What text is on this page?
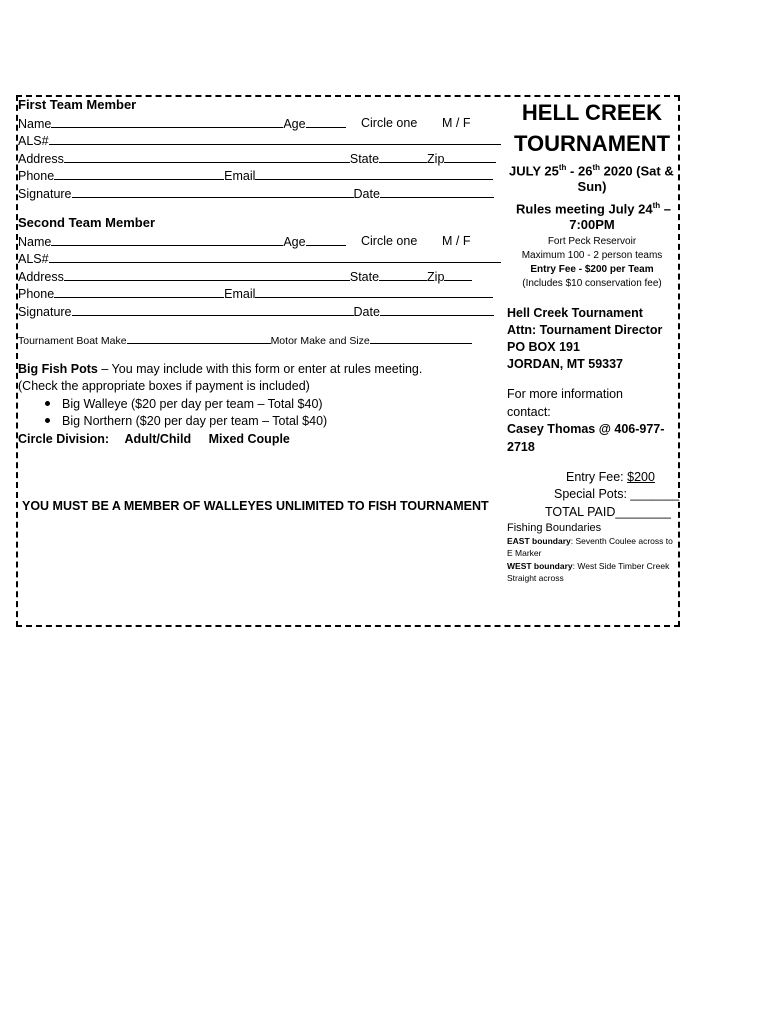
First Team Member
Name	Age	Circle one M / F
ALS#
Address	State	Zip
Phone	Email
Signature	Date
Second Team Member
Name	Age	Circle one M / F
ALS#
Address	State	Zip
Phone	Email
Signature	Date
Tournament Boat Make	Motor Make and Size
Big Fish Pots – You may include with this form or enter at rules meeting.
(Check the appropriate boxes if payment is included)
Big Walleye ($20 per day per team – Total $40)
Big Northern ($20 per day per team – Total $40)
Circle Division: Adult/Child Mixed Couple
YOU MUST BE A MEMBER OF WALLEYES UNLIMITED TO FISH TOURNAMENT
HELL CREEK
TOURNAMENT
JULY 25th - 26th 2020 (Sat &
Sun)
Rules meeting July 24th –
7:00PM
Fort Peck Reservoir
Maximum 100 - 2 person teams
Entry Fee - $200 per Team
(Includes $10 conservation fee)
Hell Creek Tournament
Attn: Tournament Director
PO BOX 191
JORDAN, MT 59337
For more information
contact:
Casey Thomas @ 406-977-
2718
Entry Fee: $200
Special Pots: _______
TOTAL PAID________
Fishing Boundaries
EAST boundary: Seventh Coulee across to
E Marker
WEST boundary: West Side Timber Creek
Straight across
